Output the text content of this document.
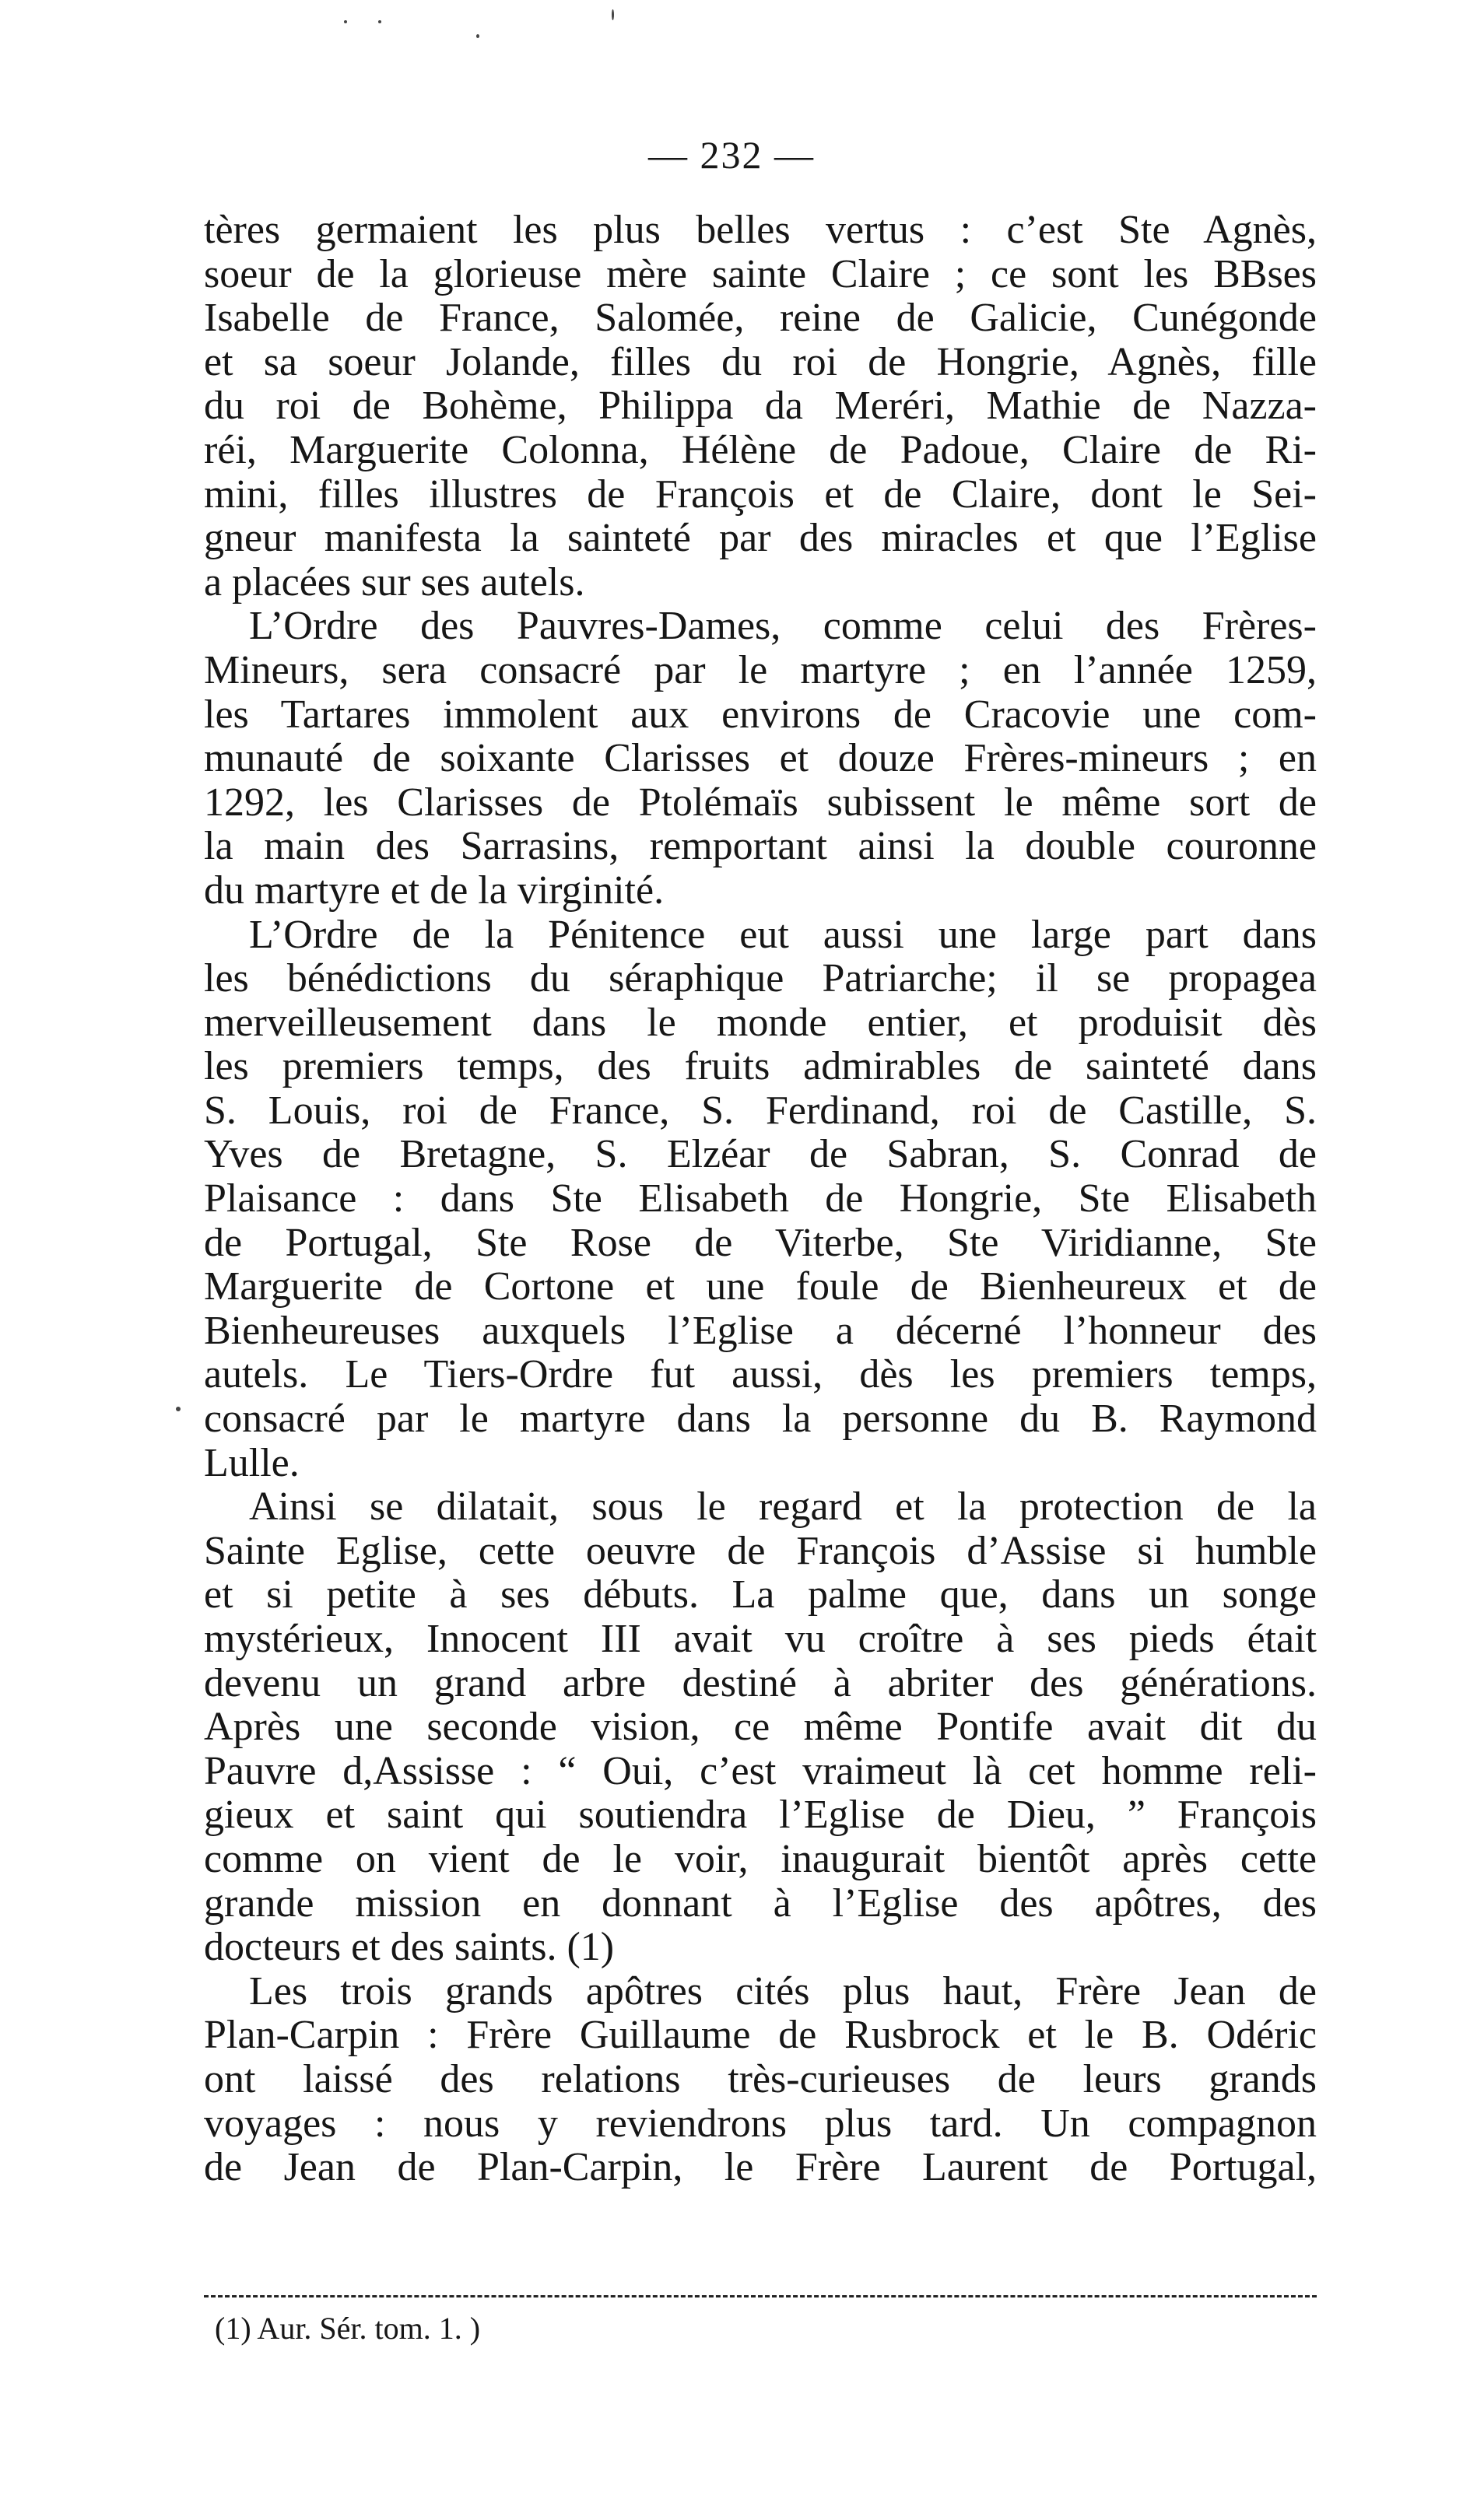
— 232 —
tères germaient les plus belles vertus : c’est Ste Agnès,
soeur de la glorieuse mère sainte Claire ; ce sont les BBses
Isabelle de France, Salomée, reine de Galicie, Cunégonde
et sa soeur Jolande, filles du roi de Hongrie, Agnès, fille
du roi de Bohème, Philippa da Meréri, Mathie de Nazza-
réi, Marguerite Colonna, Hélène de Padoue, Claire de Ri-
mini, filles illustres de François et de Claire, dont le Sei-
gneur manifesta la sainteté par des miracles et que l’Eglise
a placées sur ses autels.
L’Ordre des Pauvres-Dames, comme celui des Frères-
Mineurs, sera consacré par le martyre ; en l’année 1259,
les Tartares immolent aux environs de Cracovie une com-
munauté de soixante Clarisses et douze Frères-mineurs ; en
1292, les Clarisses de Ptolémaïs subissent le même sort de
la main des Sarrasins, remportant ainsi la double couronne
du martyre et de la virginité.
L’Ordre de la Pénitence eut aussi une large part dans
les bénédictions du séraphique Patriarche; il se propagea
merveilleusement dans le monde entier, et produisit dès
les premiers temps, des fruits admirables de sainteté dans
S. Louis, roi de France, S. Ferdinand, roi de Castille, S.
Yves de Bretagne, S. Elzéar de Sabran, S. Conrad de
Plaisance : dans Ste Elisabeth de Hongrie, Ste Elisabeth
de Portugal, Ste Rose de Viterbe, Ste Viridianne, Ste
Marguerite de Cortone et une foule de Bienheureux et de
Bienheureuses auxquels l’Eglise a décerné l’honneur des
autels. Le Tiers-Ordre fut aussi, dès les premiers temps,
consacré par le martyre dans la personne du B. Raymond
Lulle.
Ainsi se dilatait, sous le regard et la protection de la
Sainte Eglise, cette oeuvre de François d’Assise si humble
et si petite à ses débuts. La palme que, dans un songe
mystérieux, Innocent III avait vu croître à ses pieds était
devenu un grand arbre destiné à abriter des générations.
Après une seconde vision, ce même Pontife avait dit du
Pauvre d,Assisse : “ Oui, c’est vraimeut là cet homme reli-
gieux et saint qui soutiendra l’Eglise de Dieu, ” François
comme on vient de le voir, inaugurait bientôt après cette
grande mission en donnant à l’Eglise des apôtres, des
docteurs et des saints. (1)
Les trois grands apôtres cités plus haut, Frère Jean de
Plan-Carpin : Frère Guillaume de Rusbrock et le B. Odéric
ont laissé des relations très-curieuses de leurs grands
voyages : nous y reviendrons plus tard. Un compagnon
de Jean de Plan-Carpin, le Frère Laurent de Portugal,
(1) Aur. Sér. tom. 1. )
